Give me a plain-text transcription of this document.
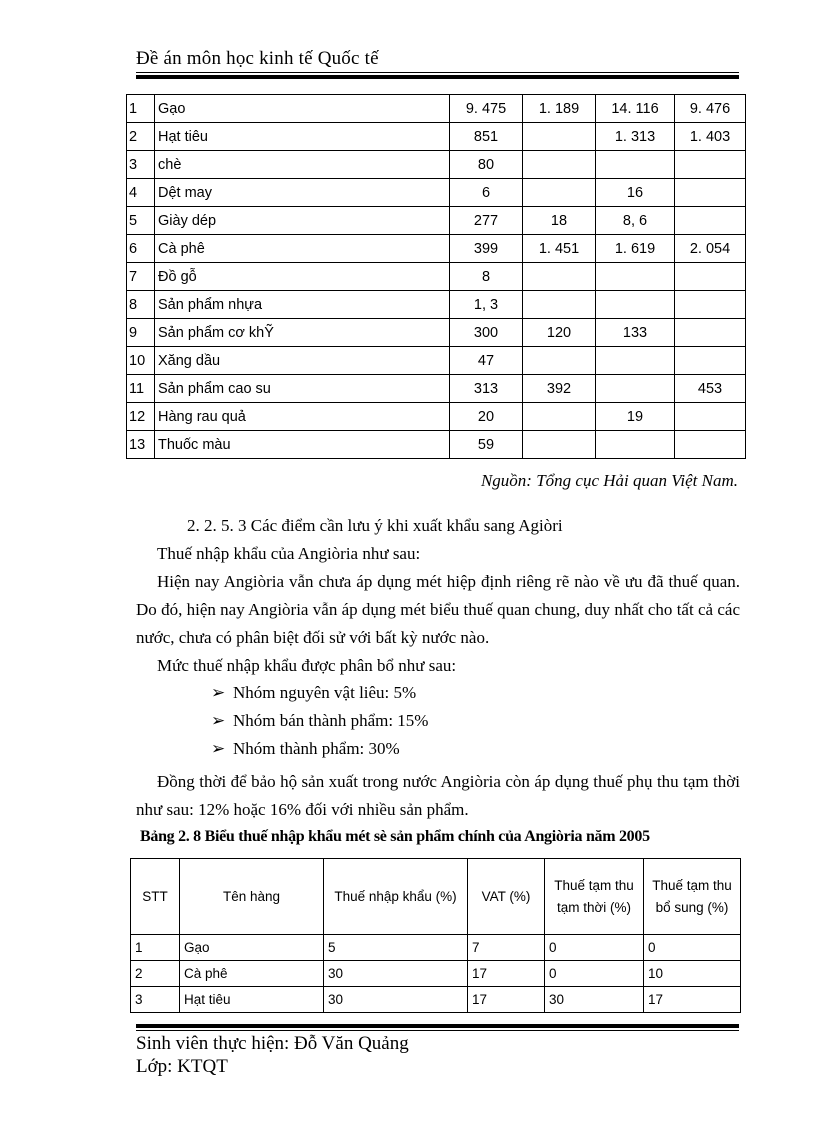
Đề án môn học kinh tế Quốc tế
1	Gạo	9. 475	1. 189	14. 116	9. 476
2	Hạt tiêu	851		1. 313	1. 403
3	chè	80			
4	Dệt may	6		16	
5	Giày dép	277	18	8, 6	
6	Cà phê	399	1. 451	1. 619	2. 054
7	Đồ gỗ	8			
8	Sản phẩm nhựa	1, 3			
9	Sản phẩm cơ khỸ	300	120	133	
10	Xăng dầu	47			
11	Sản phẩm cao su	313	392		453
12	Hàng rau quả	20		19	
13	Thuốc màu	59			
Nguồn: Tổng cục Hải quan Việt Nam.
2. 2. 5. 3 Các điểm cần lưu ý khi xuất khẩu sang Agiòri
Thuế nhập khẩu của Angiòria như sau:
Hiện nay Angiòria vẫn chưa áp dụng mét hiệp định riêng rẽ nào về ưu đã thuế quan. Do đó, hiện nay Angiòria vẫn áp dụng mét biểu thuế quan chung, duy nhất cho tất cả các nước, chưa có phân biệt đối sử với bất kỳ nước nào.
Mức thuế nhập khẩu được phân bổ như sau:
➢ Nhóm nguyên vật liêu: 5%
➢ Nhóm bán thành phẩm: 15%
➢ Nhóm thành phẩm: 30%
Đồng thời để bảo hộ sản xuất trong nước Angiòria còn áp dụng thuế phụ thu tạm thời như sau: 12% hoặc 16% đối với nhiều sản phẩm.
Bảng 2. 8 Biểu thuế nhập khẩu mét sè sản phẩm chính của Angiòria năm 2005
STT	Tên hàng	Thuế nhập khẩu (%)	VAT (%)	Thuế tạm thu tạm thời (%)	Thuế tạm thu bổ sung (%)
1	Gạo	5	7	0	0
2	Cà phê	30	17	0	10
3	Hạt tiêu	30	17	30	17
Sinh viên thực hiện: Đỗ Văn Quảng
Lớp: KTQT
